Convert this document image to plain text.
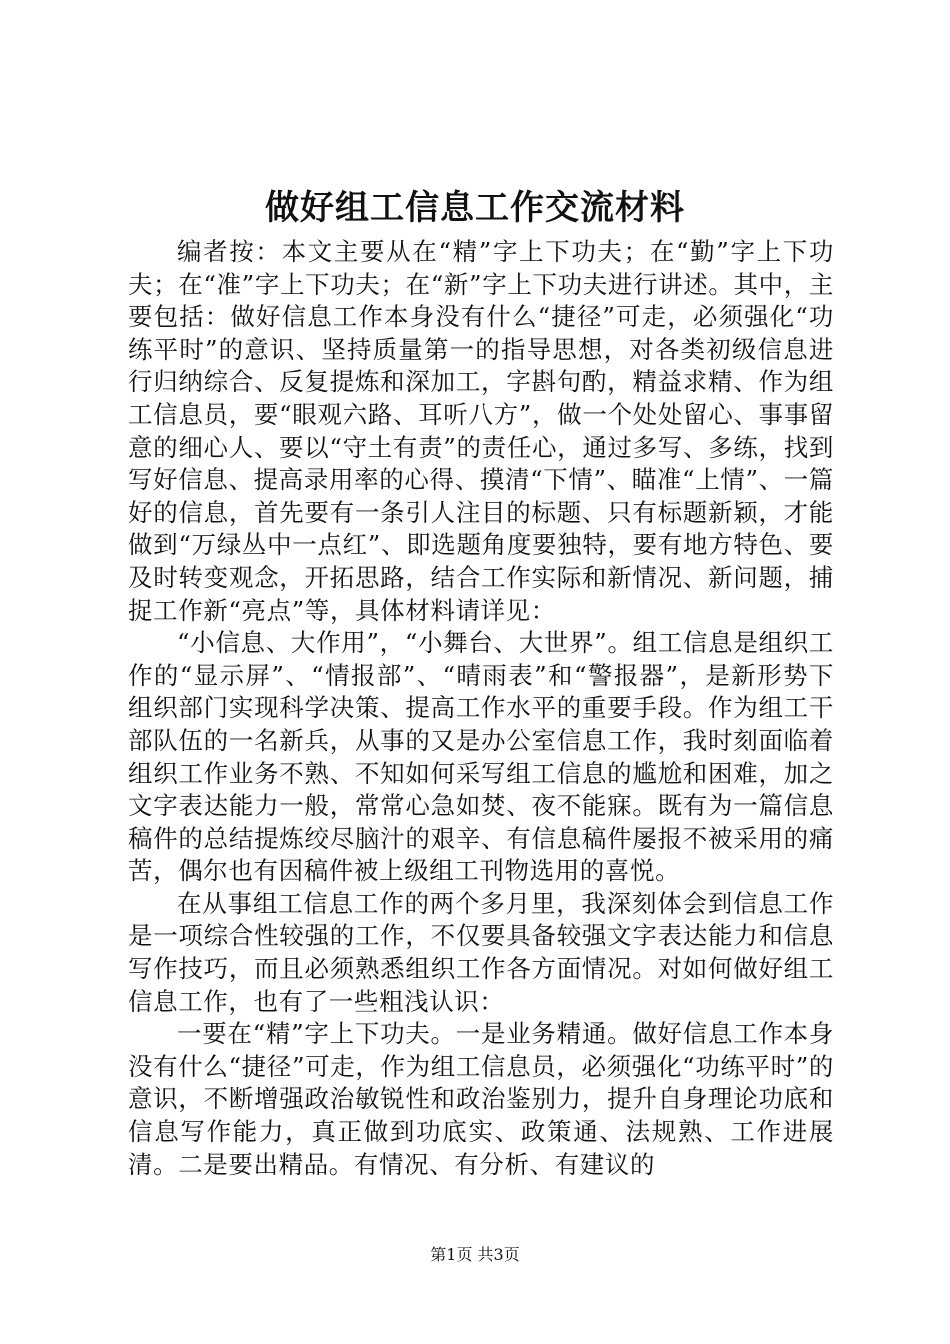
做好组工信息工作交流材料

编者按：本文主要从在“精”字上下功夫；在“勤”字上下功夫；在“准”字上下功夫；在“新”字上下功夫进行讲述。其中，主要包括：做好信息工作本身没有什么“捷径”可走，必须强化“功练平时”的意识、坚持质量第一的指导思想，对各类初级信息进行归纳综合、反复提炼和深加工，字斟句酌，精益求精、作为组工信息员，要“眼观六路、耳听八方”，做一个处处留心、事事留意的细心人、要以“守土有责”的责任心，通过多写、多练，找到写好信息、提高录用率的心得、摸清“下情”、瞄准“上情”、一篇好的信息，首先要有一条引人注目的标题、只有标题新颖，才能做到“万绿丛中一点红”、即选题角度要独特，要有地方特色、要及时转变观念，开拓思路，结合工作实际和新情况、新问题，捕捉工作新“亮点”等，具体材料请详见：

“小信息、大作用”，“小舞台、大世界”。组工信息是组织工作的“显示屏”、“情报部”、“晴雨表”和“警报器”，是新形势下组织部门实现科学决策、提高工作水平的重要手段。作为组工干部队伍的一名新兵，从事的又是办公室信息工作，我时刻面临着组织工作业务不熟、不知如何采写组工信息的尴尬和困难，加之文字表达能力一般，常常心急如焚、夜不能寐。既有为一篇信息稿件的总结提炼绞尽脑汁的艰辛、有信息稿件屡报不被采用的痛苦，偶尔也有因稿件被上级组工刊物选用的喜悦。

在从事组工信息工作的两个多月里，我深刻体会到信息工作是一项综合性较强的工作，不仅要具备较强文字表达能力和信息写作技巧，而且必须熟悉组织工作各方面情况。对如何做好组工信息工作，也有了一些粗浅认识：

一要在“精”字上下功夫。一是业务精通。做好信息工作本身没有什么“捷径”可走，作为组工信息员，必须强化“功练平时”的意识，不断增强政治敏锐性和政治鉴别力，提升自身理论功底和信息写作能力，真正做到功底实、政策通、法规熟、工作进展清。二是要出精品。有情况、有分析、有建议的

第1页 共3页
